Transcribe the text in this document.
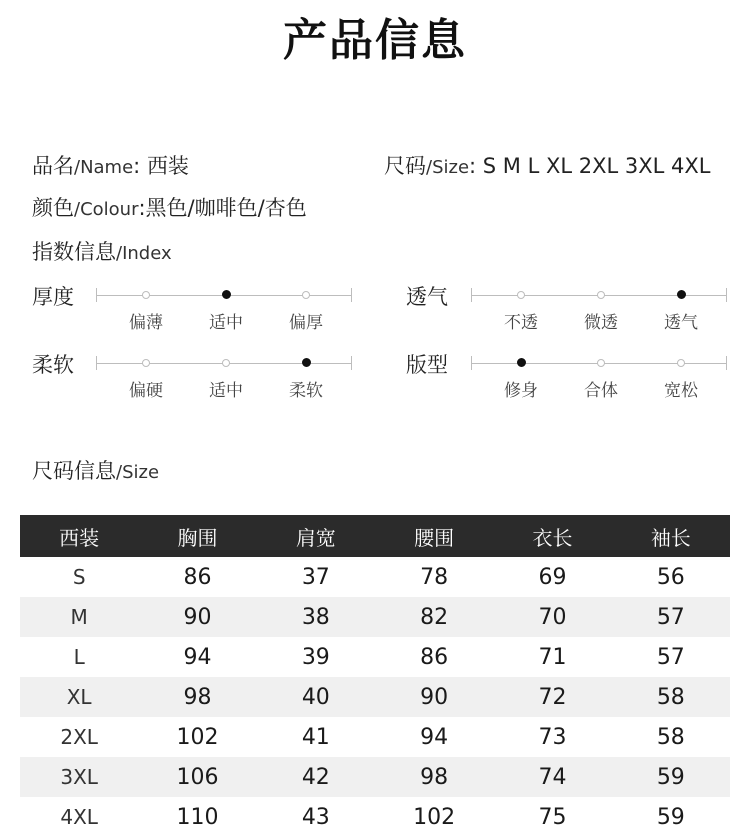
产品信息
品名/Name: 西装	尺码/Size: S M L XL 2XL 3XL 4XL
颜色/Colour:黑色/咖啡色/杏色
指数信息/Index
厚度
偏薄	适中	偏厚
透气
不透	微透	透气
柔软
偏硬	适中	柔软
版型
修身	合体	宽松
尺码信息/Size
西装	胸围	肩宽	腰围	衣长	袖长
S	86	37	78	69	56
M	90	38	82	70	57
L	94	39	86	71	57
XL	98	40	90	72	58
2XL	102	41	94	73	58
3XL	106	42	98	74	59
4XL	110	43	102	75	59
